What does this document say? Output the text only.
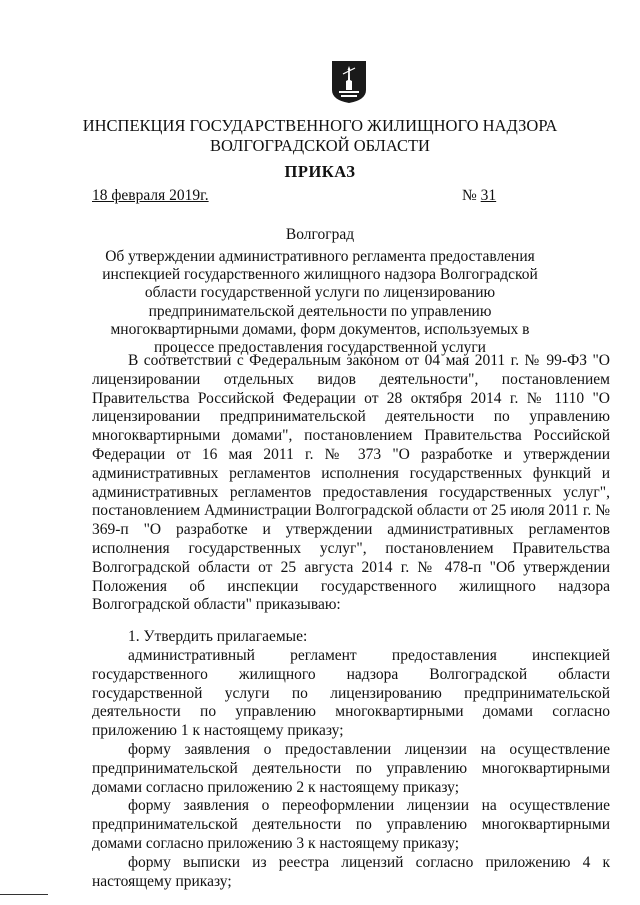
ИНСПЕКЦИЯ ГОСУДАРСТВЕННОГО ЖИЛИЩНОГО НАДЗОРА
ВОЛГОГРАДСКОЙ ОБЛАСТИ
ПРИКАЗ
18 февраля 2019г.	№ 31
Волгоград
Об утверждении административного регламента предоставления инспекцией государственного жилищного надзора Волгоградской области государственной услуги по лицензированию предпринимательской деятельности по управлению многоквартирными домами, форм документов, используемых в процессе предоставления государственной услуги

В соответствии с Федеральным законом от 04 мая 2011 г. № 99-ФЗ "О лицензировании отдельных видов деятельности", постановлением Правительства Российской Федерации от 28 октября 2014 г. № 1110 "О лицензировании предпринимательской деятельности по управлению многоквартирными домами", постановлением Правительства Российской Федерации от 16 мая 2011 г. № 373 "О разработке и утверждении административных регламентов исполнения государственных функций и административных регламентов предоставления государственных услуг", постановлением Администрации Волгоградской области от 25 июля 2011 г. № 369-п "О разработке и утверждении административных регламентов исполнения государственных услуг", постановлением Правительства Волгоградской области от 25 августа 2014 г. № 478-п "Об утверждении Положения об инспекции государственного жилищного надзора Волгоградской области" приказываю:

1. Утвердить прилагаемые:

административный регламент предоставления инспекцией государственного жилищного надзора Волгоградской области государственной услуги по лицензированию предпринимательской деятельности по управлению многоквартирными домами согласно приложению 1 к настоящему приказу;

форму заявления о предоставлении лицензии на осуществление предпринимательской деятельности по управлению многоквартирными домами согласно приложению 2 к настоящему приказу;

форму заявления о переоформлении лицензии на осуществление предпринимательской деятельности по управлению многоквартирными домами согласно приложению 3 к настоящему приказу;

форму выписки из реестра лицензий согласно приложению 4 к настоящему приказу;
